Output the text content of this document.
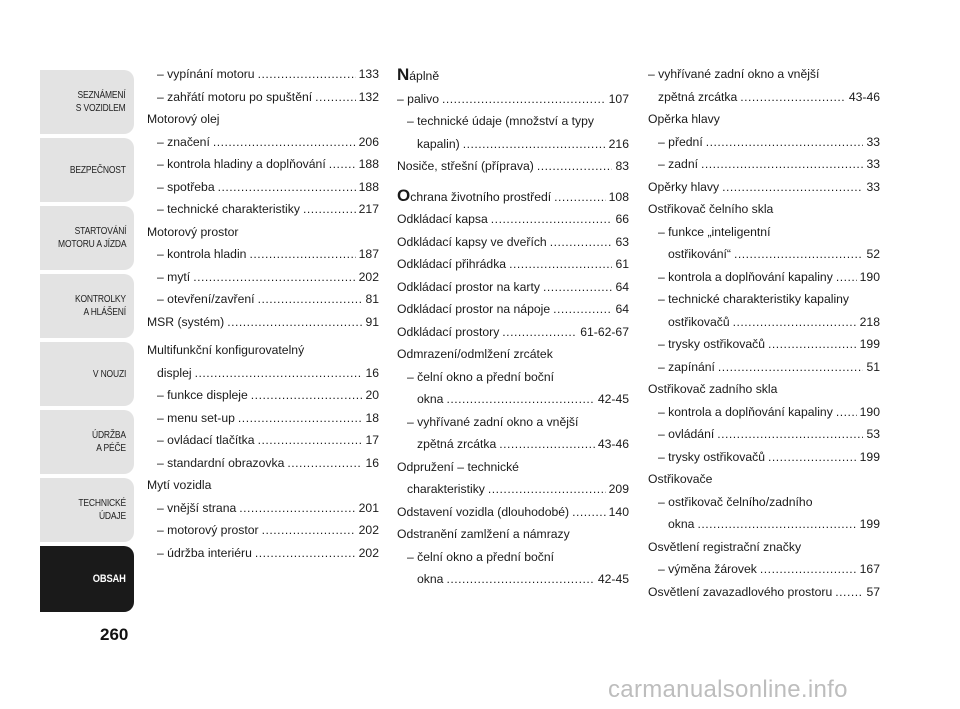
SEZNÁMENÍ
S VOZIDLEM
BEZPEČNOST
STARTOVÁNÍ
MOTORU A JÍZDA
KONTROLKY
A HLÁŠENÍ
V NOUZI
ÚDRŽBA
A PÉČE
TECHNICKÉ
ÚDAJE
OBSAH
260
– vypínání motoru .....	133
– zahřátí motoru po spuštění .....	132
Motorový olej
– značení .....	206
– kontrola hladiny a doplňování .....	188
– spotřeba .....	188
– technické charakteristiky .....	217
Motorový prostor
– kontrola hladin .....	187
– mytí .....	202
– otevření/zavření .....	81
MSR (systém) .....	91
Multifunkční konfigurovatelný
displej .....	16
– funkce displeje .....	20
– menu set-up .....	18
– ovládací tlačítka .....	17
– standardní obrazovka .....	16
Mytí vozidla
– vnější strana .....	201
– motorový prostor .....	202
– údržba interiéru .....	202
Náplně
– palivo .....	107
– technické údaje (množství a typy
kapalin) .....	216
Nosiče, střešní (příprava) .....	83
Ochrana životního prostředí .....	108
Odkládací kapsa .....	66
Odkládací kapsy ve dveřích .....	63
Odkládací přihrádka .....	61
Odkládací prostor na karty .....	64
Odkládací prostor na nápoje .....	64
Odkládací prostory .....	61-62-67
Odmrazení/odmlžení zrcátek
– čelní okno a přední boční
okna .....	42-45
– vyhřívané zadní okno a vnější
zpětná zrcátka .....	43-46
Odpružení – technické
charakteristiky .....	209
Odstavení vozidla (dlouhodobé) .....	140
Odstranění zamlžení a námrazy
– čelní okno a přední boční
okna .....	42-45
– vyhřívané zadní okno a vnější
zpětná zrcátka .....	43-46
Opěrka hlavy
– přední .....	33
– zadní .....	33
Opěrky hlavy .....	33
Ostřikovač čelního skla
– funkce „inteligentní
ostřikování“ .....	52
– kontrola a doplňování kapaliny ..... 190
– technické charakteristiky kapaliny
ostřikovačů .....	218
– trysky ostřikovačů .....	199
– zapínání .....	51
Ostřikovač zadního skla
– kontrola a doplňování kapaliny ..... 190
– ovládání .....	53
– trysky ostřikovačů .....	199
Ostřikovače
– ostřikovač čelního/zadního
okna .....	199
Osvětlení registrační značky
– výměna žárovek .....	167
Osvětlení zavazadlového prostoru .....	57
carmanualsonline.info
